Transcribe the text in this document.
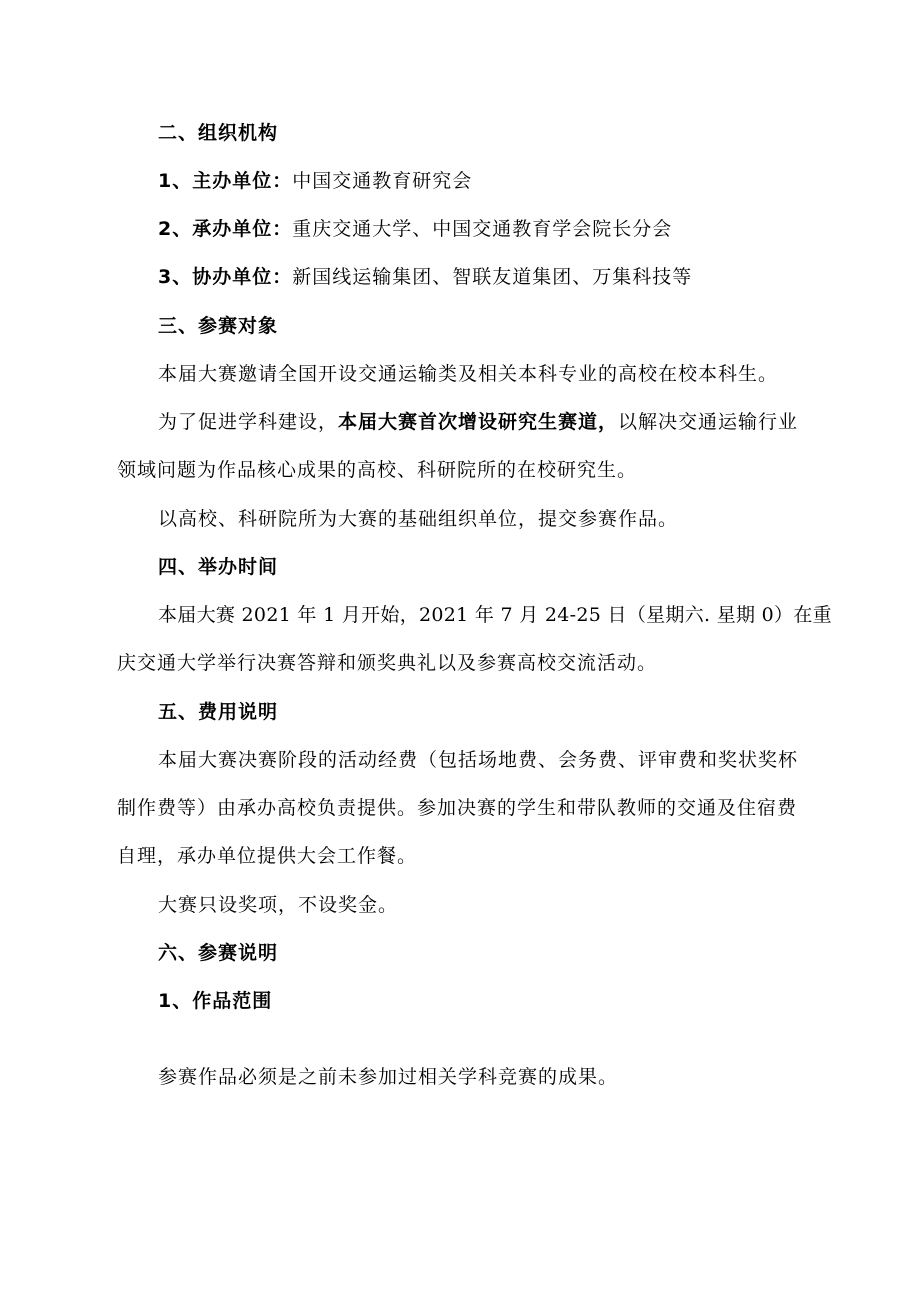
二、组织机构
1、主办单位：中国交通教育研究会
2、承办单位：重庆交通大学、中国交通教育学会院长分会
3、协办单位：新国线运输集团、智联友道集团、万集科技等
三、参赛对象
本届大赛邀请全国开设交通运输类及相关本科专业的高校在校本科生。
为了促进学科建设，本届大赛首次增设研究生赛道，以解决交通运输行业
领域问题为作品核心成果的高校、科研院所的在校研究生。
以高校、科研院所为大赛的基础组织单位，提交参赛作品。
四、举办时间
本届大赛 2021 年 1 月开始，2021 年 7 月 24-25 日（星期六. 星期 0）在重
庆交通大学举行决赛答辩和颁奖典礼以及参赛高校交流活动。
五、费用说明
本届大赛决赛阶段的活动经费（包括场地费、会务费、评审费和奖状奖杯
制作费等）由承办高校负责提供。参加决赛的学生和带队教师的交通及住宿费
自理，承办单位提供大会工作餐。
大赛只设奖项，不设奖金。
六、参赛说明
1、作品范围
参赛作品必须是之前未参加过相关学科竞赛的成果。
